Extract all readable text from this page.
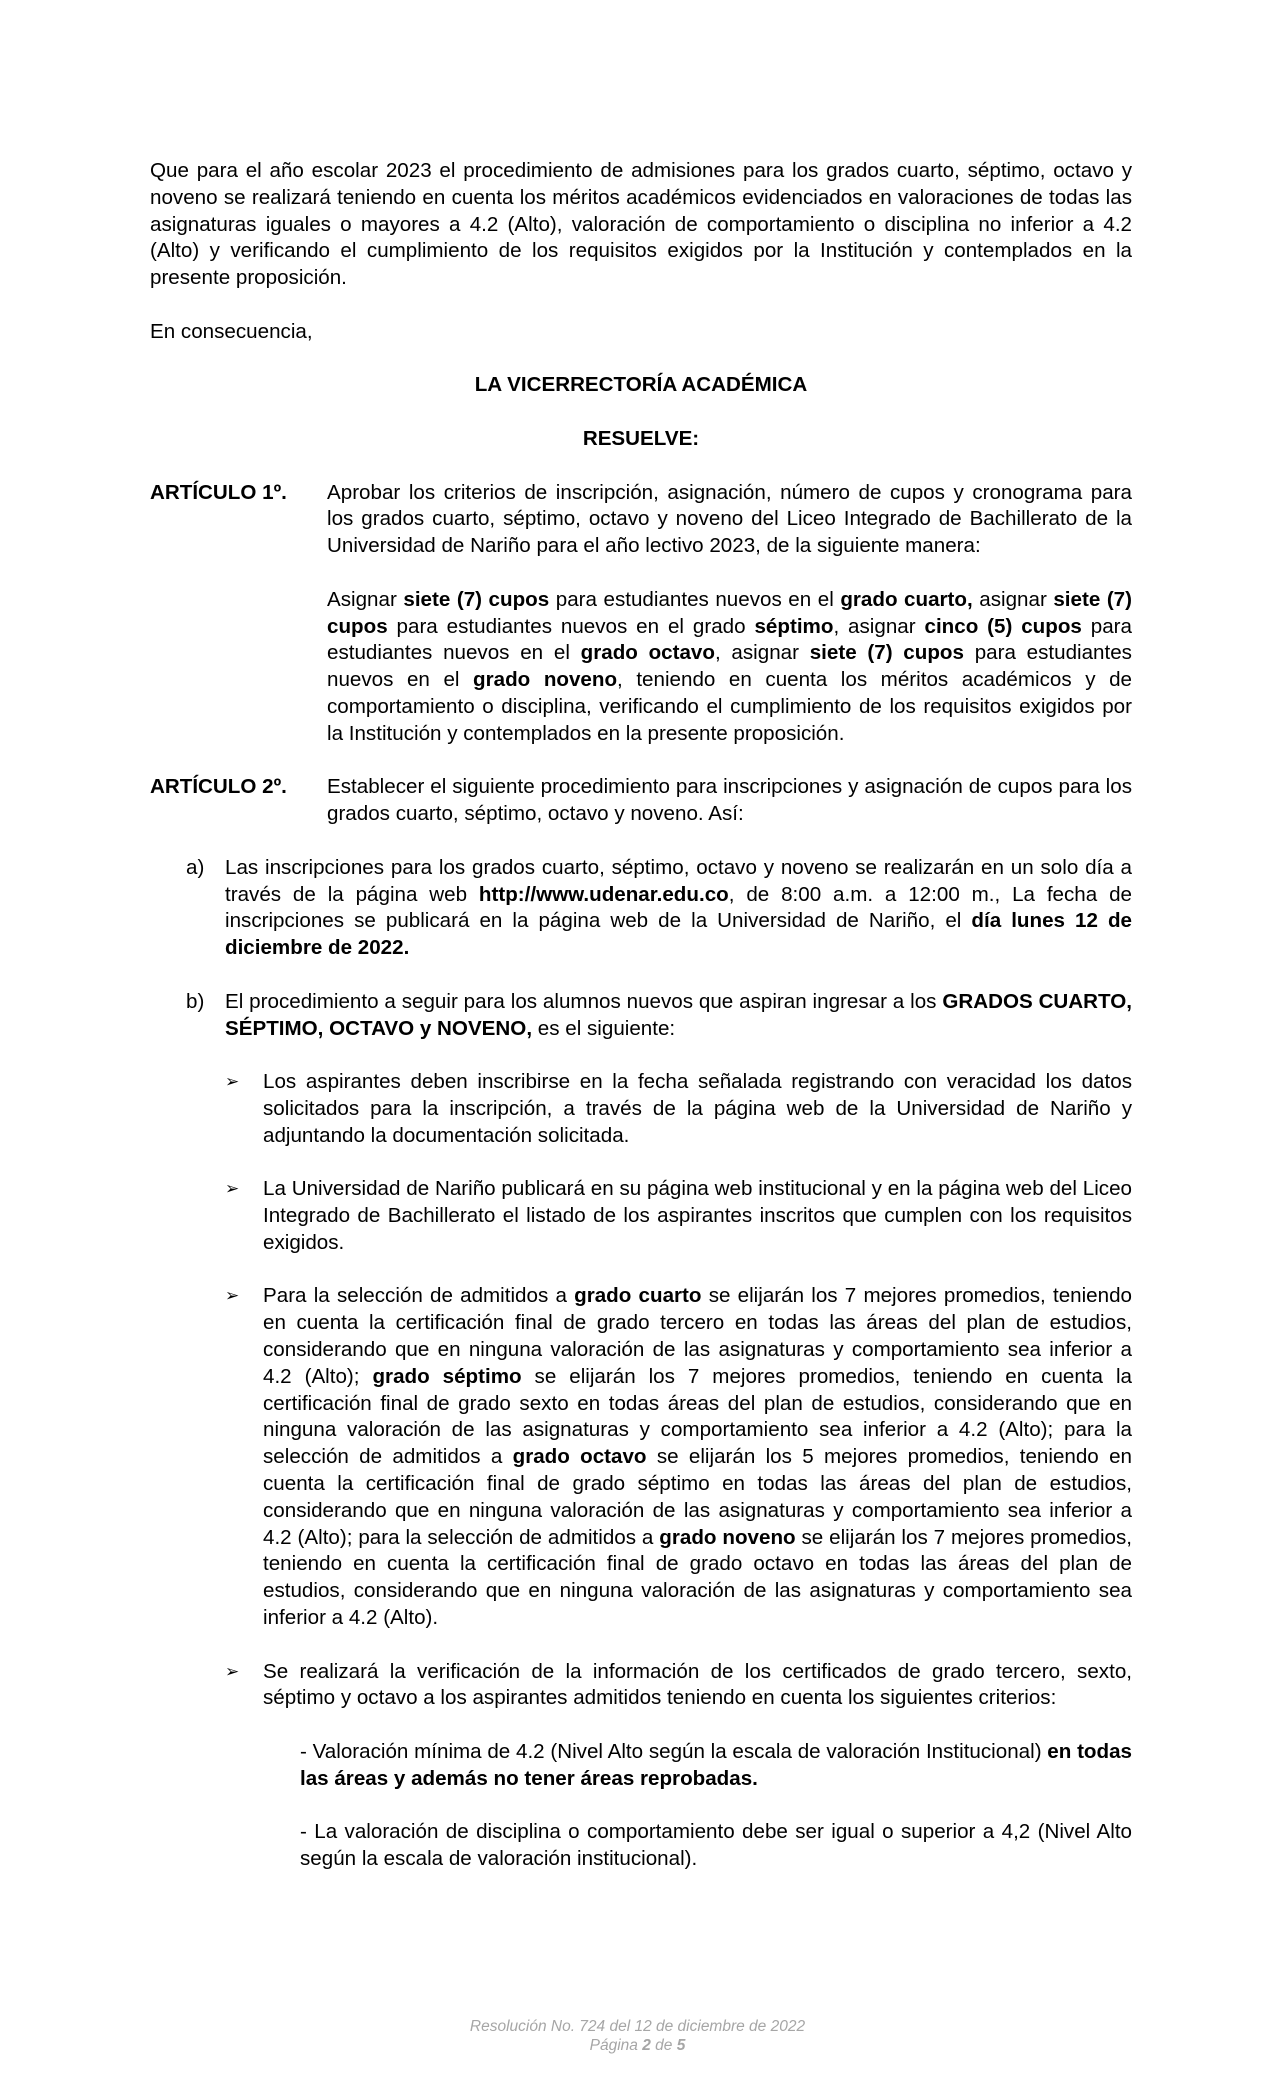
Que para el año escolar 2023 el procedimiento de admisiones para los grados cuarto, séptimo, octavo y noveno se realizará teniendo en cuenta los méritos académicos evidenciados en valoraciones de todas las asignaturas iguales o mayores a 4.2 (Alto), valoración de comportamiento o disciplina no inferior a 4.2 (Alto) y verificando el cumplimiento de los requisitos exigidos por la Institución y contemplados en la presente proposición.

En consecuencia,

LA VICERRECTORÍA ACADÉMICA

RESUELVE:

ARTÍCULO 1º.	Aprobar los criterios de inscripción, asignación, número de cupos y cronograma para los grados cuarto, séptimo, octavo y noveno del Liceo Integrado de Bachillerato de la Universidad de Nariño para el año lectivo 2023, de la siguiente manera:

Asignar siete (7) cupos para estudiantes nuevos en el grado cuarto, asignar siete (7) cupos para estudiantes nuevos en el grado séptimo, asignar cinco (5) cupos para estudiantes nuevos en el grado octavo, asignar siete (7) cupos para estudiantes nuevos en el grado noveno, teniendo en cuenta los méritos académicos y de comportamiento o disciplina, verificando el cumplimiento de los requisitos exigidos por la Institución y contemplados en la presente proposición.

ARTÍCULO 2º.	Establecer el siguiente procedimiento para inscripciones y asignación de cupos para los grados cuarto, séptimo, octavo y noveno. Así:

a)	Las inscripciones para los grados cuarto, séptimo, octavo y noveno se realizarán en un solo día a través de la página web http://www.udenar.edu.co, de 8:00 a.m. a 12:00 m., La fecha de inscripciones se publicará en la página web de la Universidad de Nariño, el día lunes 12 de diciembre de 2022.

b)	El procedimiento a seguir para los alumnos nuevos que aspiran ingresar a los GRADOS CUARTO, SÉPTIMO, OCTAVO y NOVENO, es el siguiente:

➢	Los aspirantes deben inscribirse en la fecha señalada registrando con veracidad los datos solicitados para la inscripción, a través de la página web de la Universidad de Nariño y adjuntando la documentación solicitada.

➢	La Universidad de Nariño publicará en su página web institucional y en la página web del Liceo Integrado de Bachillerato el listado de los aspirantes inscritos que cumplen con los requisitos exigidos.

➢	Para la selección de admitidos a grado cuarto se elijarán los 7 mejores promedios, teniendo en cuenta la certificación final de grado tercero en todas las áreas del plan de estudios, considerando que en ninguna valoración de las asignaturas y comportamiento sea inferior a 4.2 (Alto); grado séptimo se elijarán los 7 mejores promedios, teniendo en cuenta la certificación final de grado sexto en todas áreas del plan de estudios, considerando que en ninguna valoración de las asignaturas y comportamiento sea inferior a 4.2 (Alto); para la selección de admitidos a grado octavo se elijarán los 5 mejores promedios, teniendo en cuenta la certificación final de grado séptimo en todas las áreas del plan de estudios, considerando que en ninguna valoración de las asignaturas y comportamiento sea inferior a 4.2 (Alto); para la selección de admitidos a grado noveno se elijarán los 7 mejores promedios, teniendo en cuenta la certificación final de grado octavo en todas las áreas del plan de estudios, considerando que en ninguna valoración de las asignaturas y comportamiento sea inferior a 4.2 (Alto).

➢	Se realizará la verificación de la información de los certificados de grado tercero, sexto, séptimo y octavo a los aspirantes admitidos teniendo en cuenta los siguientes criterios:

- Valoración mínima de 4.2 (Nivel Alto según la escala de valoración Institucional) en todas las áreas y además no tener áreas reprobadas.

- La valoración de disciplina o comportamiento debe ser igual o superior a 4,2 (Nivel Alto según la escala de valoración institucional).

Resolución No. 724 del 12 de diciembre de 2022
Página 2 de 5
